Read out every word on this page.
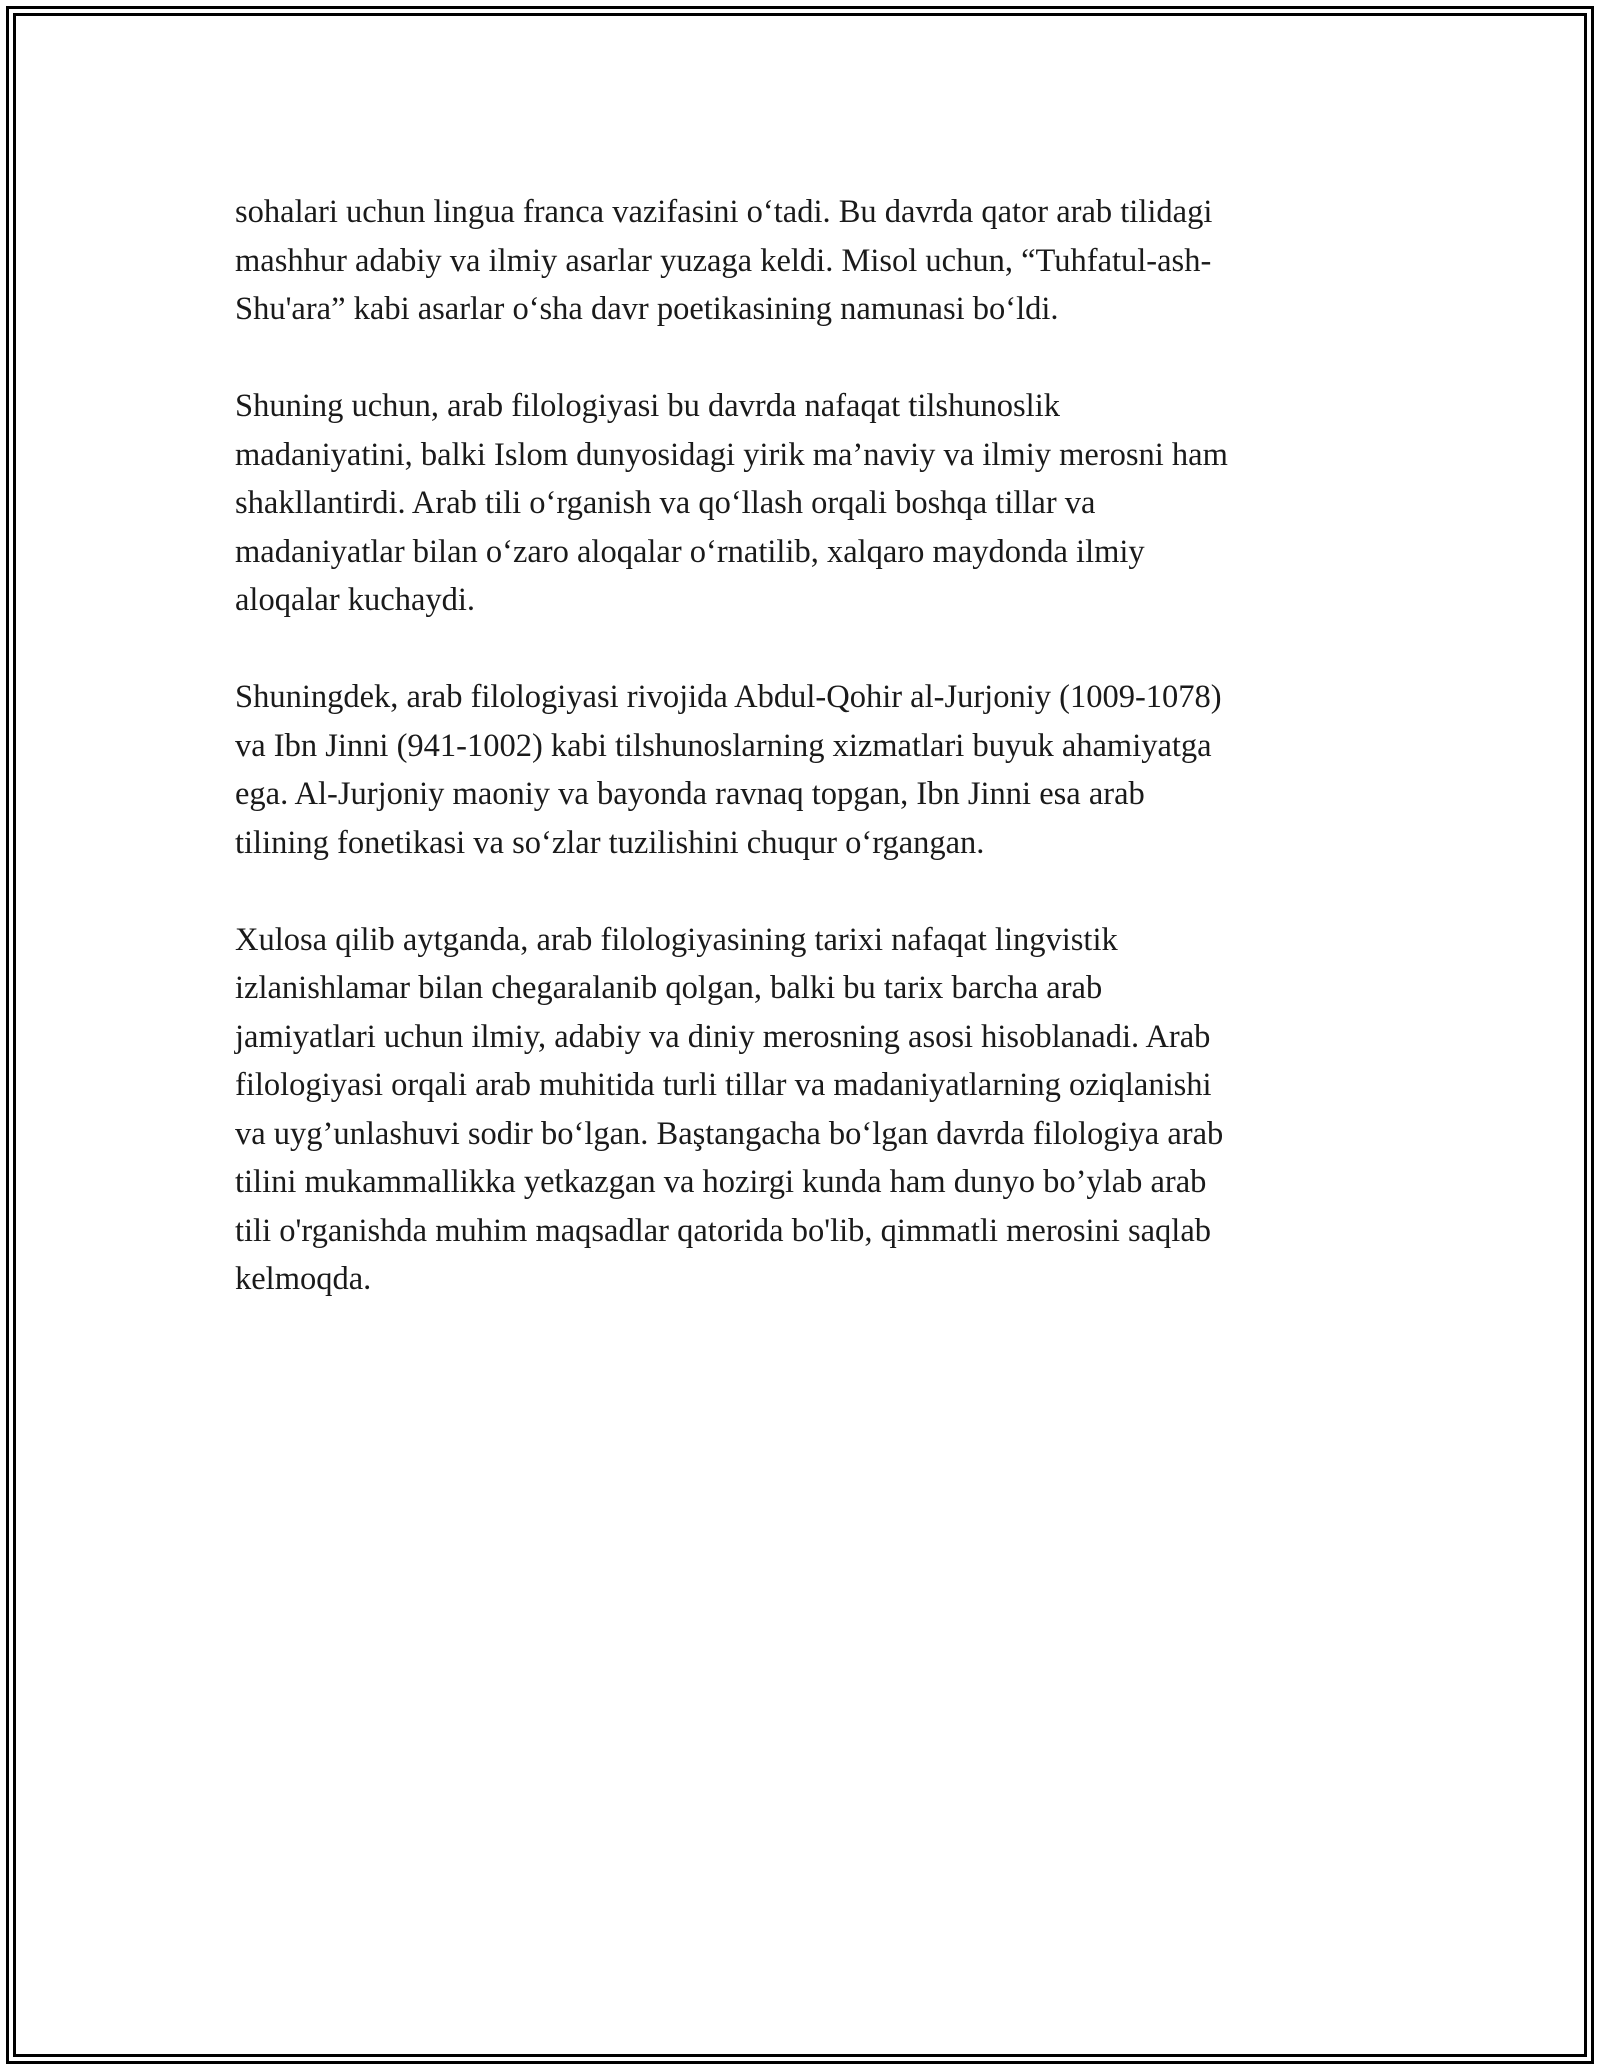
sohalari uchun lingua franca vazifasini o‘tadi. Bu davrda qator arab tilidagi
mashhur adabiy va ilmiy asarlar yuzaga keldi. Misol uchun, “Tuhfatul-ash-
Shu'ara” kabi asarlar o‘sha davr poetikasining namunasi bo‘ldi.

Shuning uchun, arab filologiyasi bu davrda nafaqat tilshunoslik
madaniyatini, balki Islom dunyosidagi yirik ma’naviy va ilmiy merosni ham
shakllantirdi. Arab tili o‘rganish va qo‘llash orqali boshqa tillar va
madaniyatlar bilan o‘zaro aloqalar o‘rnatilib, xalqaro maydonda ilmiy
aloqalar kuchaydi.

Shuningdek, arab filologiyasi rivojida Abdul-Qohir al-Jurjoniy (1009-1078)
va Ibn Jinni (941-1002) kabi tilshunoslarning xizmatlari buyuk ahamiyatga
ega. Al-Jurjoniy maoniy va bayonda ravnaq topgan, Ibn Jinni esa arab
tilining fonetikasi va so‘zlar tuzilishini chuqur o‘rgangan.

Xulosa qilib aytganda, arab filologiyasining tarixi nafaqat lingvistik
izlanishlamar bilan chegaralanib qolgan, balki bu tarix barcha arab
jamiyatlari uchun ilmiy, adabiy va diniy merosning asosi hisoblanadi. Arab
filologiyasi orqali arab muhitida turli tillar va madaniyatlarning oziqlanishi
va uyg’unlashuvi sodir bo‘lgan. Baştangacha bo‘lgan davrda filologiya arab
tilini mukammallikka yetkazgan va hozirgi kunda ham dunyo bo’ylab arab
tili o'rganishda muhim maqsadlar qatorida bo'lib, qimmatli merosini saqlab
kelmoqda.
